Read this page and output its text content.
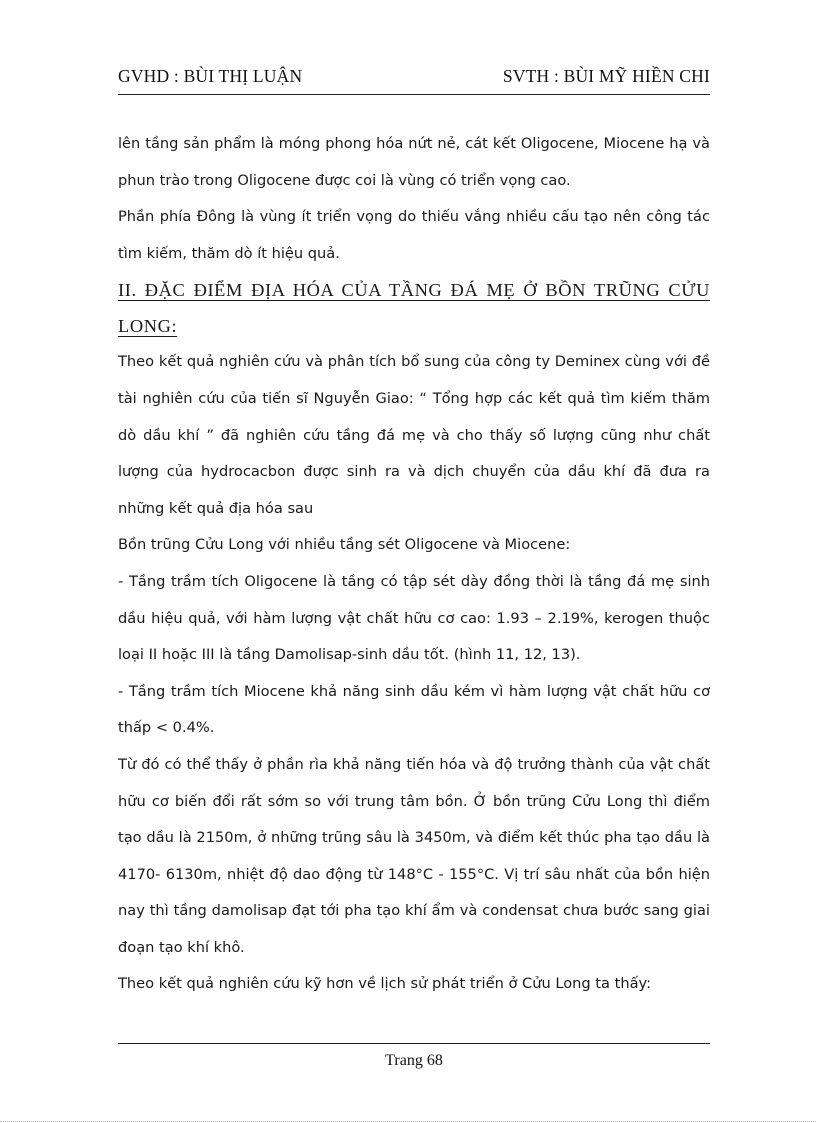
GVHD : BÙI THỊ LUẬN	SVTH : BÙI MỸ HIỀN CHI

lên tầng sản phẩm là móng phong hóa nứt nẻ, cát kết Oligocene, Miocene hạ và phun trào trong Oligocene được coi là vùng có triển vọng cao.

Phần phía Đông là vùng ít triển vọng do thiếu vắng nhiều cấu tạo nên công tác tìm kiếm, thăm dò ít hiệu quả.

II. ĐẶC ĐIỂM ĐỊA HÓA CỦA TẦNG ĐÁ MẸ Ở BỒN TRŨNG CỬU LONG:

Theo kết quả nghiên cứu và phân tích bổ sung của công ty Deminex cùng với đề tài nghiên cứu của tiến sĩ Nguyễn Giao: “ Tổng hợp các kết quả tìm kiếm thăm dò dầu khí ” đã nghiên cứu tầng đá mẹ và cho thấy số lượng cũng như chất lượng của hydrocacbon được sinh ra và dịch chuyển của dầu khí đã đưa ra những kết quả địa hóa sau

Bồn trũng Cửu Long với nhiều tầng sét Oligocene và Miocene:

- Tầng trầm tích Oligocene là tầng có tập sét dày đồng thời là tầng đá mẹ sinh dầu hiệu quả, với hàm lượng vật chất hữu cơ cao: 1.93 – 2.19%, kerogen thuộc loại II hoặc III là tầng Damolisap-sinh dầu tốt. (hình 11, 12, 13).

- Tầng trầm tích Miocene khả năng sinh dầu kém vì hàm lượng vật chất hữu cơ thấp < 0.4%.

Từ đó có thể thấy ở phần rìa khả năng tiến hóa và độ trưởng thành của vật chất hữu cơ biến đổi rất sớm so với trung tâm bồn. Ở bồn trũng Cửu Long thì điểm tạo dầu là 2150m, ở những trũng sâu là 3450m, và điểm kết thúc pha tạo dầu là 4170- 6130m, nhiệt độ dao động từ 148°C - 155°C. Vị trí sâu nhất của bồn hiện nay thì tầng damolisap đạt tới pha tạo khí ẩm và condensat chưa bước sang giai đoạn tạo khí khô.

Theo kết quả nghiên cứu kỹ hơn về lịch sử phát triển ở Cửu Long ta thấy:

Trang 68
